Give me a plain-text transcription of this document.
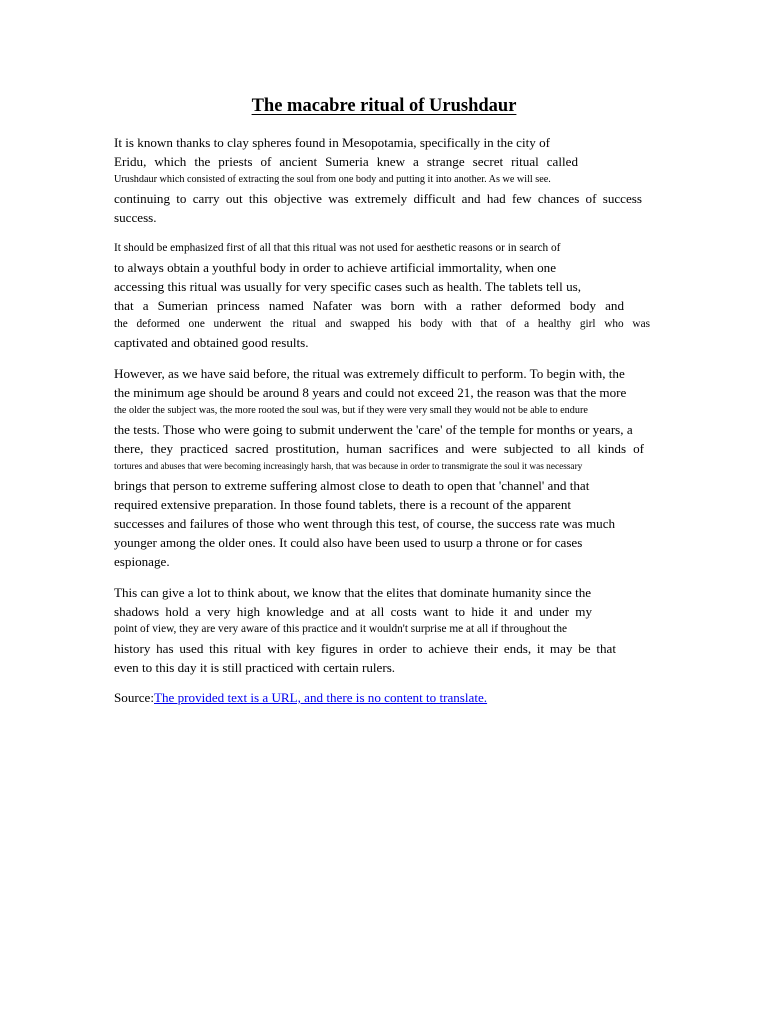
The macabre ritual of Urushdaur
It is known thanks to clay spheres found in Mesopotamia, specifically in the city of
Eridu, which the priests of ancient Sumeria knew a strange secret ritual called
Urushdaur which consisted of extracting the soul from one body and putting it into another. As we will see.
continuing to carry out this objective was extremely difficult and had few chances of success
success.
It should be emphasized first of all that this ritual was not used for aesthetic reasons or in search of
to always obtain a youthful body in order to achieve artificial immortality, when one
accessing this ritual was usually for very specific cases such as health. The tablets tell us,
that a Sumerian princess named Nafater was born with a rather deformed body and
the deformed one underwent the ritual and swapped his body with that of a healthy girl who was
captivated and obtained good results.
However, as we have said before, the ritual was extremely difficult to perform. To begin with, the
the minimum age should be around 8 years and could not exceed 21, the reason was that the more
the older the subject was, the more rooted the soul was, but if they were very small they would not be able to endure
the tests. Those who were going to submit underwent the 'care' of the temple for months or years, a
there, they practiced sacred prostitution, human sacrifices and were subjected to all kinds of
tortures and abuses that were becoming increasingly harsh, that was because in order to transmigrate the soul it was necessary
brings that person to extreme suffering almost close to death to open that 'channel' and that
required extensive preparation. In those found tablets, there is a recount of the apparent
successes and failures of those who went through this test, of course, the success rate was much
younger among the older ones. It could also have been used to usurp a throne or for cases
espionage.
This can give a lot to think about, we know that the elites that dominate humanity since the
shadows hold a very high knowledge and at all costs want to hide it and under my
point of view, they are very aware of this practice and it wouldn't surprise me at all if throughout the
history has used this ritual with key figures in order to achieve their ends, it may be that
even to this day it is still practiced with certain rulers.
Source:The provided text is a URL, and there is no content to translate.
